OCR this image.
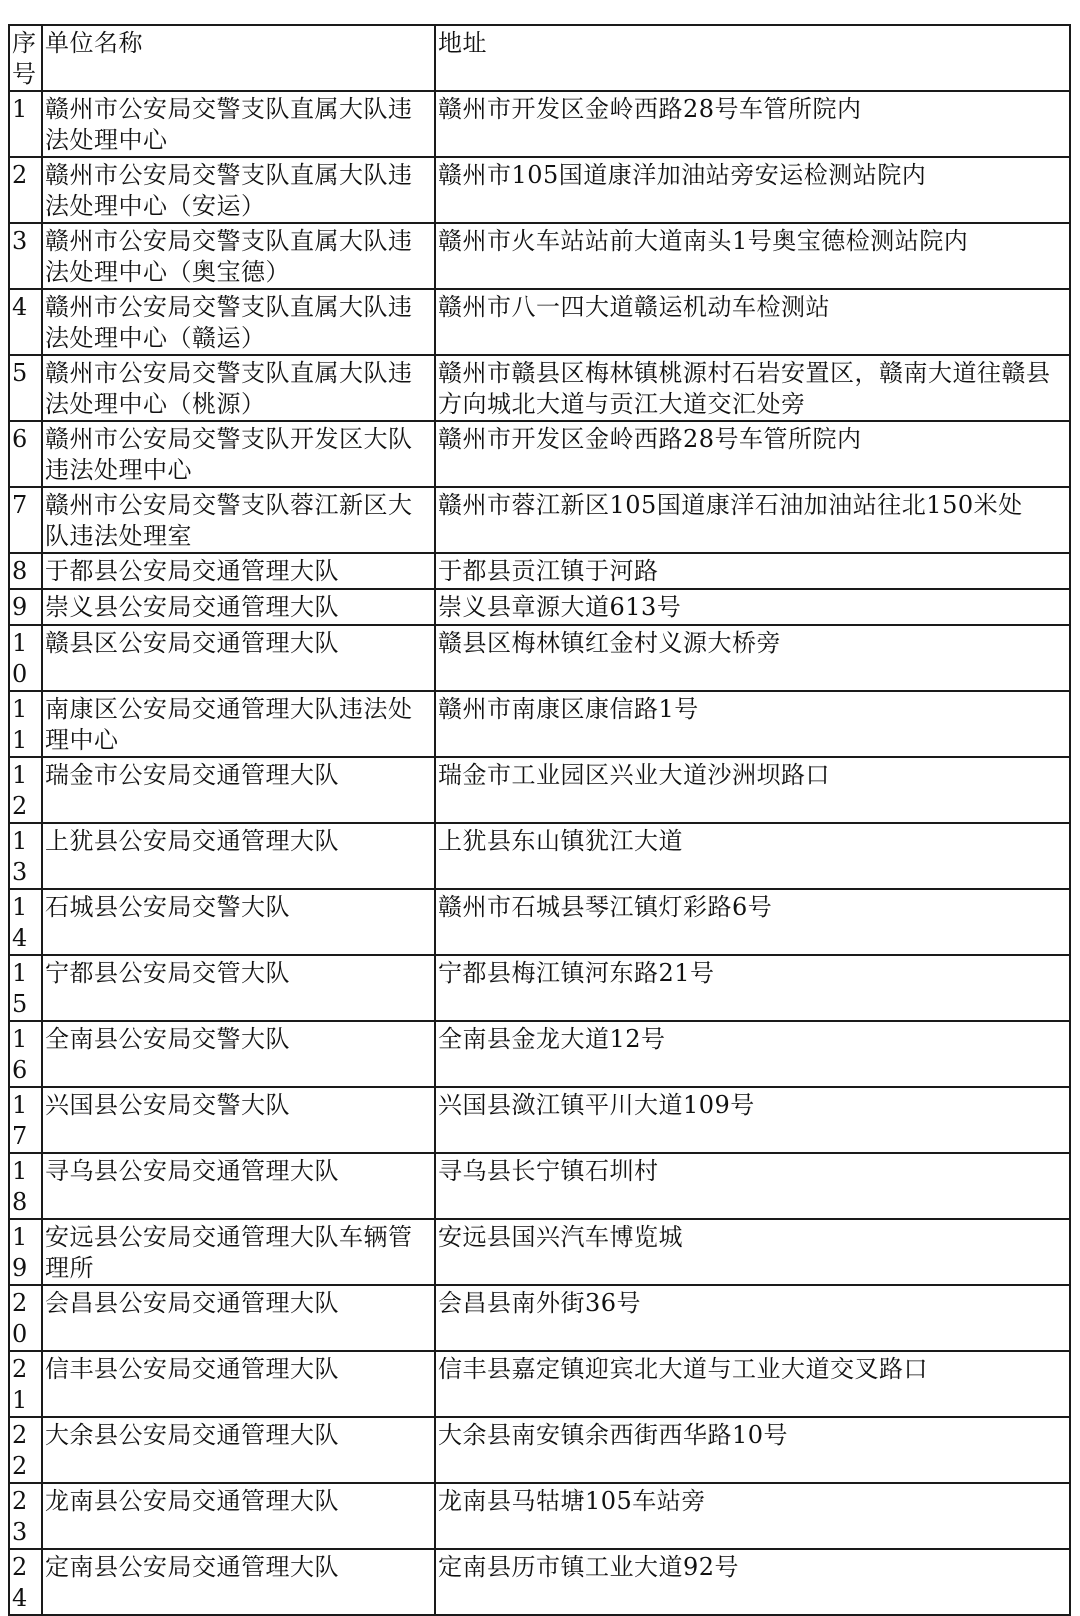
序号	单位名称	地址
1	赣州市公安局交警支队直属大队违法处理中心	赣州市开发区金岭西路28号车管所院内
2	赣州市公安局交警支队直属大队违法处理中心（安运）	赣州市105国道康洋加油站旁安运检测站院内
3	赣州市公安局交警支队直属大队违法处理中心（奥宝德）	赣州市火车站站前大道南头1号奥宝德检测站院内
4	赣州市公安局交警支队直属大队违法处理中心（赣运）	赣州市八一四大道赣运机动车检测站
5	赣州市公安局交警支队直属大队违法处理中心（桃源）	赣州市赣县区梅林镇桃源村石岩安置区，赣南大道往赣县方向城北大道与贡江大道交汇处旁
6	赣州市公安局交警支队开发区大队违法处理中心	赣州市开发区金岭西路28号车管所院内
7	赣州市公安局交警支队蓉江新区大队违法处理室	赣州市蓉江新区105国道康洋石油加油站往北150米处
8	于都县公安局交通管理大队	于都县贡江镇于河路
9	崇义县公安局交通管理大队	崇义县章源大道613号
10	赣县区公安局交通管理大队	赣县区梅林镇红金村义源大桥旁
11	南康区公安局交通管理大队违法处理中心	赣州市南康区康信路1号
12	瑞金市公安局交通管理大队	瑞金市工业园区兴业大道沙洲坝路口
13	上犹县公安局交通管理大队	上犹县东山镇犹江大道
14	石城县公安局交警大队	赣州市石城县琴江镇灯彩路6号
15	宁都县公安局交管大队	宁都县梅江镇河东路21号
16	全南县公安局交警大队	全南县金龙大道12号
17	兴国县公安局交警大队	兴国县潋江镇平川大道109号
18	寻乌县公安局交通管理大队	寻乌县长宁镇石圳村
19	安远县公安局交通管理大队车辆管理所	安远县国兴汽车博览城
20	会昌县公安局交通管理大队	会昌县南外街36号
21	信丰县公安局交通管理大队	信丰县嘉定镇迎宾北大道与工业大道交叉路口
22	大余县公安局交通管理大队	大余县南安镇余西街西华路10号
23	龙南县公安局交通管理大队	龙南县马牯塘105车站旁
24	定南县公安局交通管理大队	定南县历市镇工业大道92号
